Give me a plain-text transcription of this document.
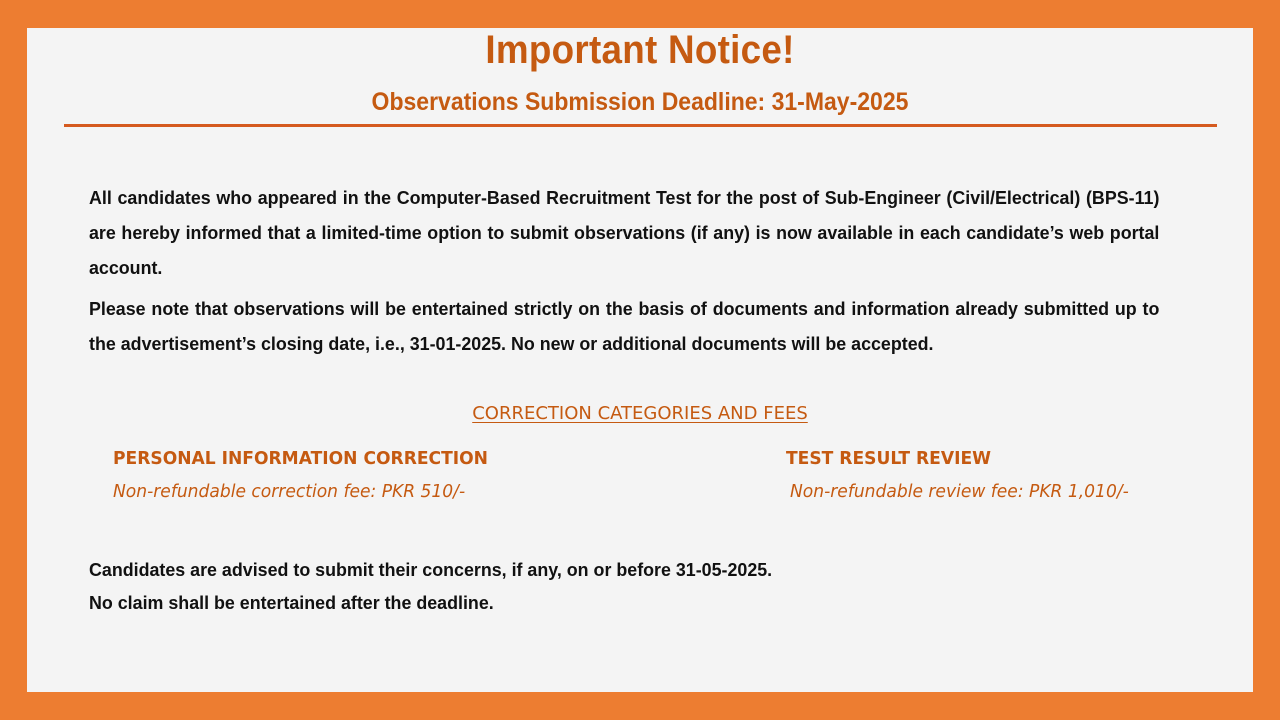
Important Notice!
Observations Submission Deadline: 31-May-2025
All candidates who appeared in the Computer-Based Recruitment Test for the post of Sub-Engineer (Civil/Electrical) (BPS-11) are hereby informed that a limited-time option to submit observations (if any) is now available in each candidate’s web portal account.
Please note that observations will be entertained strictly on the basis of documents and information already submitted up to the advertisement’s closing date, i.e., 31-01-2025. No new or additional documents will be accepted.
CORRECTION CATEGORIES AND FEES
PERSONAL INFORMATION CORRECTION
Non-refundable correction fee: PKR 510/-
TEST RESULT REVIEW
Non-refundable review fee: PKR 1,010/-
Candidates are advised to submit their concerns, if any, on or before 31-05-2025.
No claim shall be entertained after the deadline.
